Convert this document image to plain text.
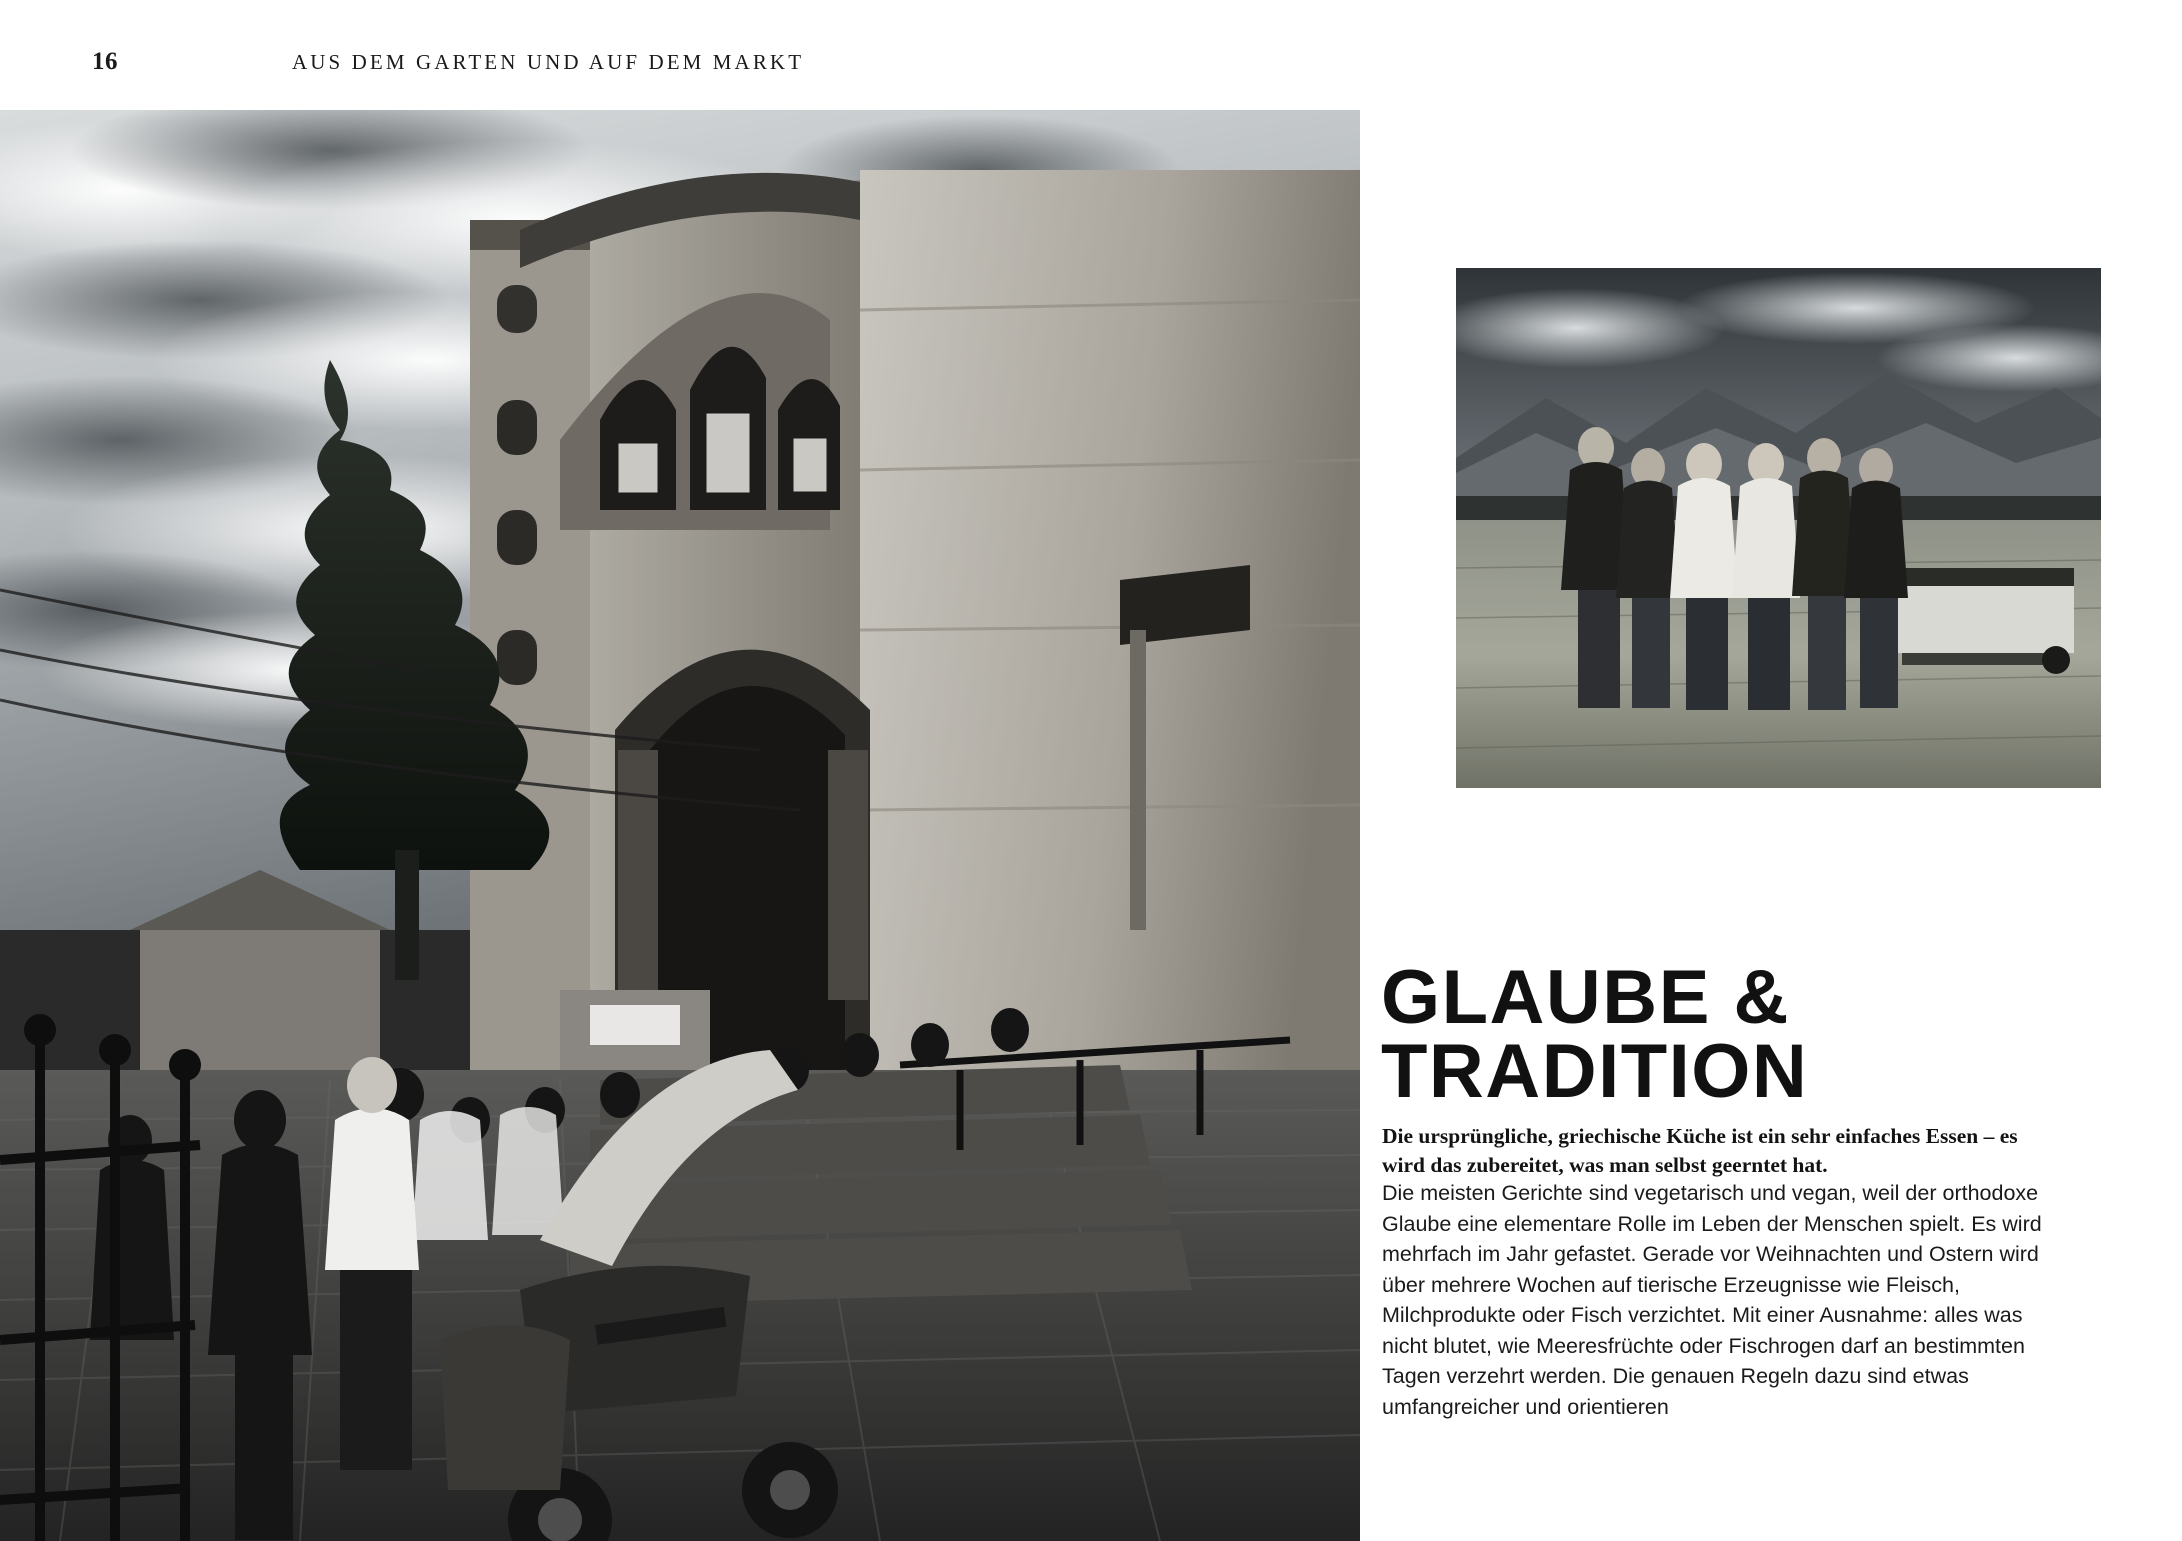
16	AUS DEM GARTEN UND AUF DEM MARKT
GLAUBE &
TRADITION

Die ursprüngliche, griechische Küche ist ein sehr einfaches Essen – es wird das zubereitet, was man selbst geerntet hat.

Die meisten Gerichte sind vegetarisch und vegan, weil der orthodoxe Glaube eine elementare Rolle im Leben der Menschen spielt. Es wird mehrfach im Jahr gefastet. Gerade vor Weihnachten und Ostern wird über mehrere Wochen auf tierische Erzeugnisse wie Fleisch, Milchprodukte oder Fisch verzichtet. Mit einer Ausnahme: alles was nicht blutet, wie Meeresfrüchte oder Fischrogen darf an bestimmten Tagen verzehrt werden. Die genauen Regeln dazu sind etwas umfangreicher und orientieren
